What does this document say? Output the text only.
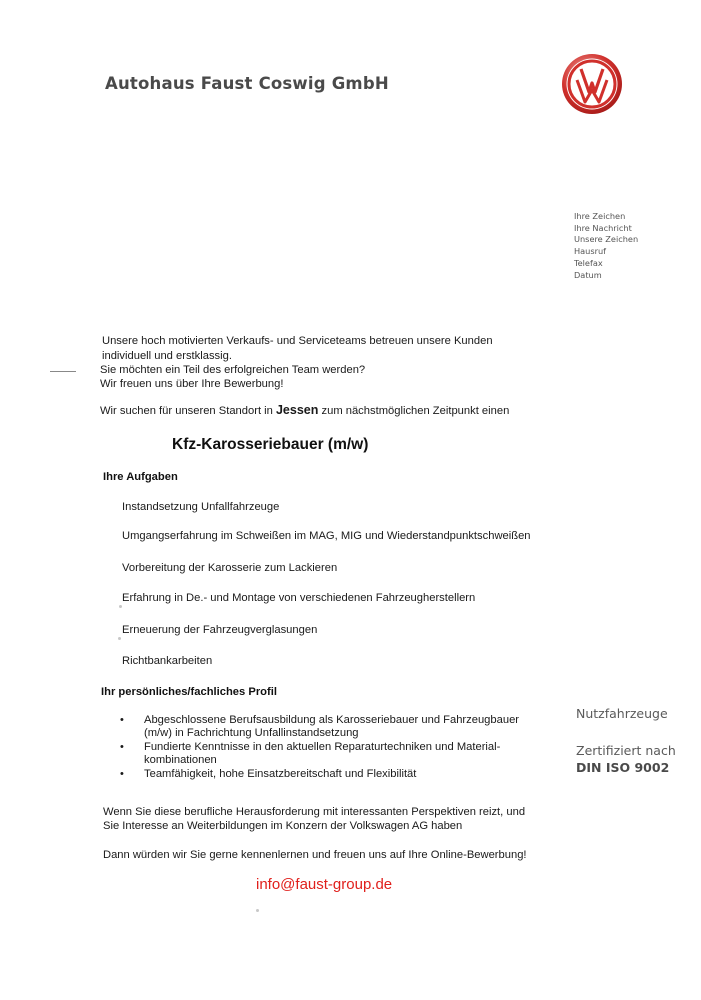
Autohaus Faust Coswig GmbH
Ihre Zeichen
Ihre Nachricht
Unsere Zeichen
Hausruf
Telefax
Datum
Unsere hoch motivierten Verkaufs- und Serviceteams betreuen unsere Kunden
individuell und erstklassig.
Sie möchten ein Teil des erfolgreichen Team werden?
Wir freuen uns über Ihre Bewerbung!
Wir suchen für unseren Standort in Jessen zum nächstmöglichen Zeitpunkt einen
Kfz-Karosseriebauer (m/w)
Ihre Aufgaben
Instandsetzung Unfallfahrzeuge
Umgangserfahrung im Schweißen im MAG, MIG und Wiederstandpunktschweißen
Vorbereitung der Karosserie zum Lackieren
Erfahrung in De.- und Montage von verschiedenen Fahrzeugherstellern
Erneuerung der Fahrzeugverglasungen
Richtbankarbeiten
Ihr persönliches/fachliches Profil
• Abgeschlossene Berufsausbildung als Karosseriebauer und Fahrzeugbauer
(m/w) in Fachrichtung Unfallinstandsetzung
• Fundierte Kenntnisse in den aktuellen Reparaturtechniken und Material-
kombinationen
• Teamfähigkeit, hohe Einsatzbereitschaft und Flexibilität
Nutzfahrzeuge
Zertifiziert nach
DIN ISO 9002
Wenn Sie diese berufliche Herausforderung mit interessanten Perspektiven reizt, und
Sie Interesse an Weiterbildungen im Konzern der Volkswagen AG haben
Dann würden wir Sie gerne kennenlernen und freuen uns auf Ihre Online-Bewerbung!
info@faust-group.de
